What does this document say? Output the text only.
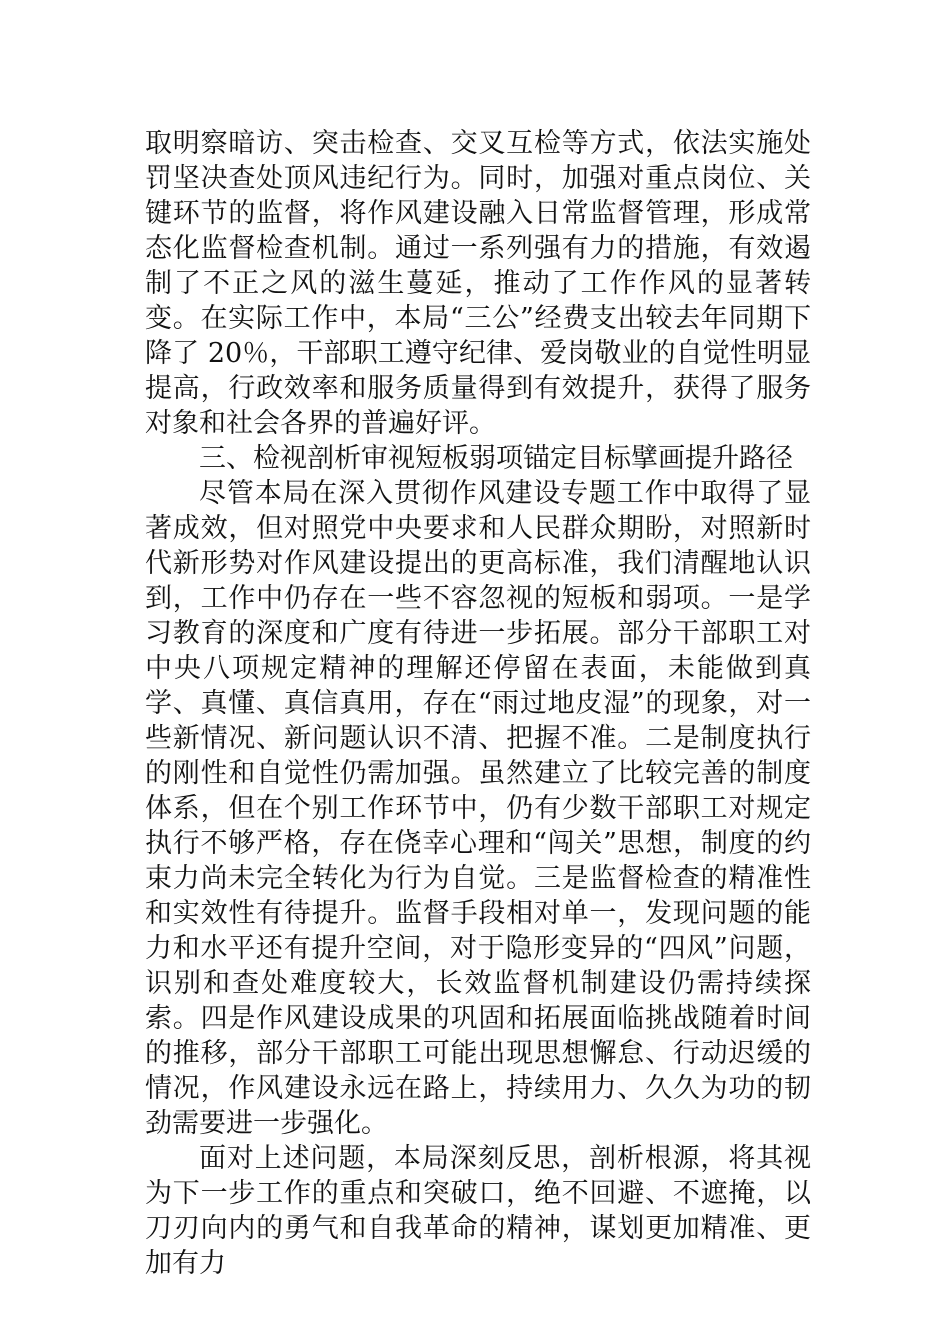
取明察暗访、突击检查、交叉互检等方式，依法实施处罚坚决查处顶风违纪行为。同时，加强对重点岗位、关键环节的监督，将作风建设融入日常监督管理，形成常态化监督检查机制。通过一系列强有力的措施，有效遏制了不正之风的滋生蔓延，推动了工作作风的显著转变。在实际工作中，本局“三公”经费支出较去年同期下降了 20％，干部职工遵守纪律、爱岗敬业的自觉性明显提高，行政效率和服务质量得到有效提升，获得了服务对象和社会各界的普遍好评。

三、检视剖析审视短板弱项锚定目标擘画提升路径

尽管本局在深入贯彻作风建设专题工作中取得了显著成效，但对照党中央要求和人民群众期盼，对照新时代新形势对作风建设提出的更高标准，我们清醒地认识到，工作中仍存在一些不容忽视的短板和弱项。一是学习教育的深度和广度有待进一步拓展。部分干部职工对中央八项规定精神的理解还停留在表面，未能做到真学、真懂、真信真用，存在“雨过地皮湿”的现象，对一些新情况、新问题认识不清、把握不准。二是制度执行的刚性和自觉性仍需加强。虽然建立了比较完善的制度体系，但在个别工作环节中，仍有少数干部职工对规定执行不够严格，存在侥幸心理和“闯关”思想，制度的约束力尚未完全转化为行为自觉。三是监督检查的精准性和实效性有待提升。监督手段相对单一，发现问题的能力和水平还有提升空间，对于隐形变异的“四风”问题，识别和查处难度较大，长效监督机制建设仍需持续探索。四是作风建设成果的巩固和拓展面临挑战随着时间的推移，部分干部职工可能出现思想懈怠、行动迟缓的情况，作风建设永远在路上，持续用力、久久为功的韧劲需要进一步强化。

面对上述问题，本局深刻反思，剖析根源，将其视为下一步工作的重点和突破口，绝不回避、不遮掩，以刀刃向内的勇气和自我革命的精神，谋划更加精准、更加有力
